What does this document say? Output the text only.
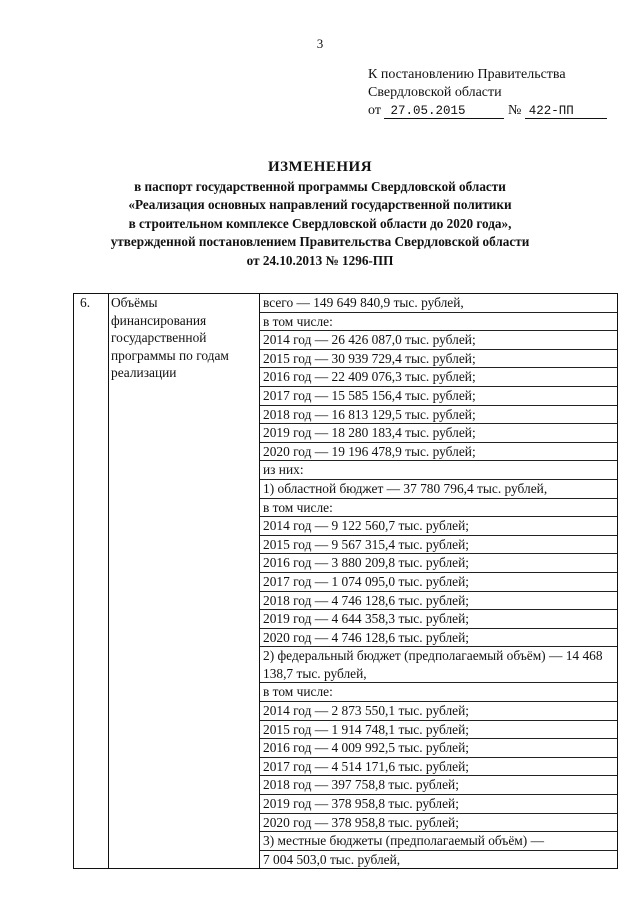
3
К постановлению Правительства
Свердловской области
от 27.05.2015	№ 422-ПП
ИЗМЕНЕНИЯ
в паспорт государственной программы Свердловской области
«Реализация основных направлений государственной политики
в строительном комплексе Свердловской области до 2020 года»,
утвержденной постановлением Правительства Свердловской области
от 24.10.2013 № 1296-ПП
6.	Объёмы
финансирования
государственной
программы по годам
реализации

всего — 149 649 840,9 тыс. рублей,
в том числе:
2014 год — 26 426 087,0 тыс. рублей;
2015 год — 30 939 729,4 тыс. рублей;
2016 год — 22 409 076,3 тыс. рублей;
2017 год — 15 585 156,4 тыс. рублей;
2018 год — 16 813 129,5 тыс. рублей;
2019 год — 18 280 183,4 тыс. рублей;
2020 год — 19 196 478,9 тыс. рублей;
из них:
1) областной бюджет — 37 780 796,4 тыс. рублей,
в том числе:
2014 год — 9 122 560,7 тыс. рублей;
2015 год — 9 567 315,4 тыс. рублей;
2016 год — 3 880 209,8 тыс. рублей;
2017 год — 1 074 095,0 тыс. рублей;
2018 год — 4 746 128,6 тыс. рублей;
2019 год — 4 644 358,3 тыс. рублей;
2020 год — 4 746 128,6 тыс. рублей;
2) федеральный бюджет (предполагаемый объём) — 14 468 138,7 тыс. рублей,
в том числе:
2014 год — 2 873 550,1 тыс. рублей;
2015 год — 1 914 748,1 тыс. рублей;
2016 год — 4 009 992,5 тыс. рублей;
2017 год — 4 514 171,6 тыс. рублей;
2018 год — 397 758,8 тыс. рублей;
2019 год — 378 958,8 тыс. рублей;
2020 год — 378 958,8 тыс. рублей;
3) местные бюджеты (предполагаемый объём) —
7 004 503,0 тыс. рублей,
